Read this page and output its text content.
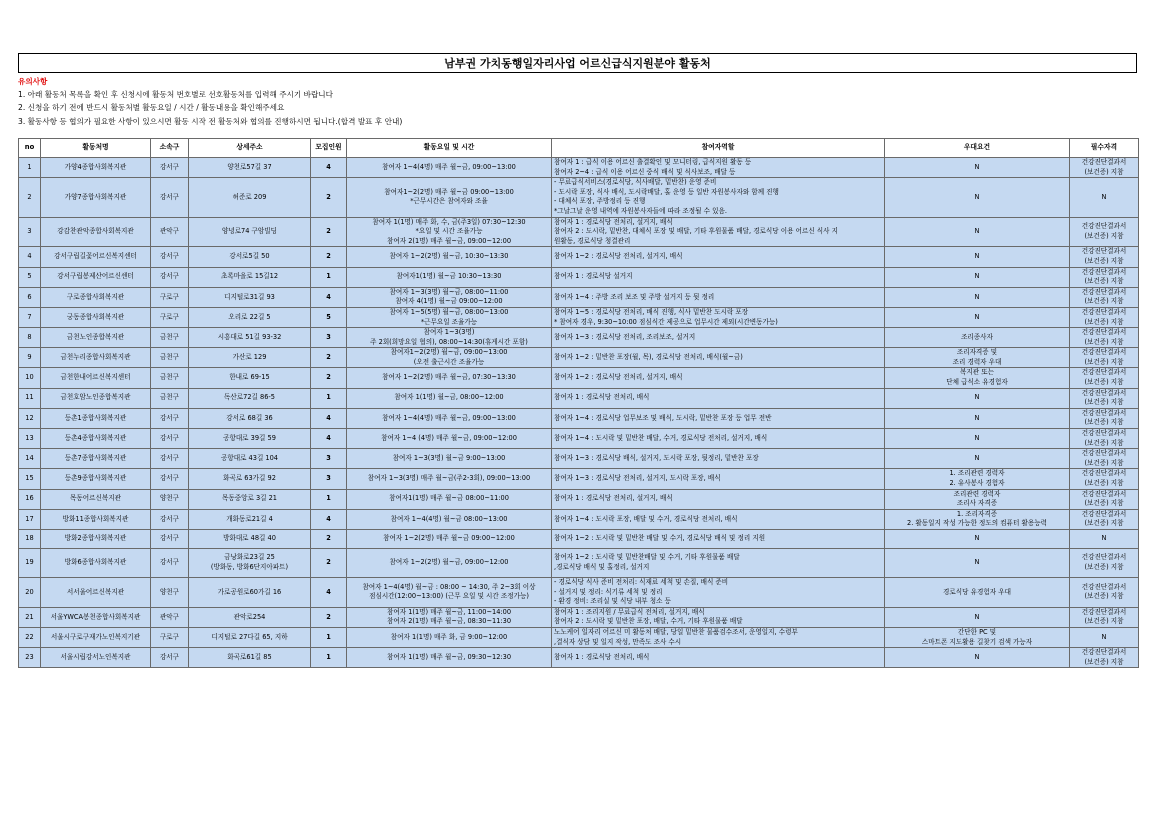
남부권 가치동행일자리사업 어르신급식지원분야 활동처
유의사항
1. 아래 활동처 목록을 확인 후 신청시에 활동처 번호별로 선호활동처를 입력해 주시기 바랍니다
2. 신청을 하기 전에 반드시 활동처별 활동요일 / 시간 / 활동내용을 확인해주세요
3. 활동사항 등 협의가 필요한 사항이 있으시면 활동 시작 전 활동처와 협의를 진행하시면 됩니다.(합격 발표 후 안내)
no	활동처명	소속구	상세주소	모집인원	활동요일 및 시간	참여자역할	우대요건	필수자격
1	가양4종합사회복지관	강서구	양천로57길 37	4	참여자 1~4(4명) 매주 월~금, 09:00~13:00	참여자 1 : 급식 이용 어르신 출결확인 및 모니터링, 급식지원 활동 등
참여자 2~4 : 급식 이용 어르신 중식 배식 및 식사보조, 배달 등	N	건강진단결과서
(보건증) 지참

2	가양7종합사회복지관	강서구	허준로 209	2	참여자1~2(2명) 매주 월~금 09:00~13:00
*근무시간은 참여자와 조율	- 무료급식서비스(경로식당, 식사배달, 밑반찬) 운영 준비
- 도시락 포장, 식사 배식, 도시락배달, 홀 운영 등 일반 자원봉사자와 함께 진행
- 대체식 포장, 주방정리 등 진행
*그날그날 운영 내역에 자원봉사자들에 따라 조정될 수 있음.	N	N

3	강감찬관악종합사회복지관	관악구	양녕로74 구암빌딩	2	참여자 1(1명) 매주 화, 수, 금(주3일) 07:30~12:30
*요일 및 시간 조율가능
참여자 2(1명) 매주 월~금, 09:00~12:00	참여자 1 : 경로식당 전처리, 설거지, 배식
참여자 2 : 도시락, 밑반찬, 대체식 포장 및 배달, 기타 후원물품 배달, 경로식당 이용 어르신 식사 지
원활동, 경로식당 청결관리	N	건강진단결과서
(보건증) 지참

4	강서구립길꽃어르신복지센터	강서구	강서로5길 50	2	참여자 1~2(2명) 월~금, 10:30~13:30	참여자 1~2 : 경로식당 전처리, 설거지, 배식	N	건강진단결과서
(보건증) 지참

5	강서구립봉제산어르신센터	강서구	초록마을로 15길12	1	참여자1(1명) 월~금 10:30~13:30	참여자 1 : 경로식당 설거지	N	건강진단결과서
(보건증) 지참

6	구로종합사회복지관	구로구	디지털로31길 93	4	참여자 1~3(3명) 월~금, 08:00~11:00
참여자 4(1명) 월~금 09:00~12:00	참여자 1~4 : 주방 조리 보조 및 주방 설거지 등 뒷 정리	N	건강진단결과서
(보건증) 지참

7	궁동종합사회복지관	구로구	오리로 22길 5	5	참여자 1~5(5명) 월~금, 08:00~13:00
*근무요일 조율가능	참여자 1~5 : 경로식당 전처리, 배식 진행, 식사 밑반찬 도시락 포장
* 참여자 경우, 9:30~10:00 점심식간 제공으로 업무시간 제외(시간변동가능)	N	건강진단결과서
(보건증) 지참

8	금천노인종합복지관	금천구	시흥대로 51길 93-32	3	참여자 1~3(3명)
주 2회(희망요일 협의), 08:00~14:30(휴게시간 포함)	참여자 1~3 : 경로식당 전처리, 조리보조, 설거지	조리종사자	건강진단결과서
(보건증) 지참

9	금천누리종합사회복지관	금천구	가산로 129	2	참여자1~2(2명) 월~금, 09:00~13:00
(오전 출근시간 조율가능	참여자 1~2 : 밑반찬 포장(월, 목), 경로식당 전처리, 배식(월~금)	조리자격증 및
조리 경력자 우대	건강진단결과서
(보건증) 지참

10	금천한내어르신복지센터	금천구	한내로 69-15	2	참여자 1~2(2명) 매주 월~금, 07:30~13:30	참여자 1~2 : 경로식당 전처리, 설거지, 배식	복지관 또는
단체 급식소 유경험자	건강진단결과서
(보건증) 지참

11	금천호암노인종합복지관	금천구	독산로72길 86-5	1	참여자 1(1명) 월~금, 08:00~12:00	참여자 1 : 경로식당 전처리, 배식	N	건강진단결과서
(보건증) 지참

12	등촌1종합사회복지관	강서구	강서로 68길 36	4	참여자 1~4(4명) 매주 월~금, 09:00~13:00	참여자 1~4 : 경로식당 업무보조 및 배식, 도시락, 밑반찬 포장 등 업무 전반	N	건강진단결과서
(보건증) 지참

13	등촌4종합사회복지관	강서구	공항대로 39길 59	4	참여자 1~4 (4명) 매주 월~금, 09:00~12:00	참여자 1~4 : 도시락 및 밑반찬 배달, 수거, 경로식당 전처리, 설거지, 배식	N	건강진단결과서
(보건증) 지참

14	등촌7종합사회복지관	강서구	공항대로 43길 104	3	참여자 1~3(3명) 월~금 9:00~13:00	참여자 1~3 : 경로식당 배식, 설거지, 도시락 포장, 뒷정리, 밑반찬 포장	N	건강진단결과서
(보건증) 지참

15	등촌9종합사회복지관	강서구	화곡로 63가길 92	3	참여자 1~3(3명) 매주 월~금(주2-3회), 09:00~13:00	참여자 1~3 : 경로식당 전처리, 설거지, 도시락 포장, 배식	1. 조리관련 경력자
2. 유사봉사 경험자	건강진단결과서
(보건증) 지참

16	목동어르신복지관	양천구	목동중앙로 3길 21	1	참여자1(1명) 매주 월~금 08:00~11:00	참여자 1 : 경로식당 전처리, 설거지, 배식	조리관련 경력자
조리사 자격증	건강진단결과서
(보건증) 지참

17	방화11종합사회복지관	강서구	개화동로21길 4	4	참여자 1~4(4명) 월~금 08:00~13:00	참여자 1~4 : 도시락 포장, 배달 및 수거, 경로식당 전처리, 배식	1. 조리자격증
2. 활동일지 작성 가능한 정도의 컴퓨터 활용능력	건강진단결과서
(보건증) 지참

18	방화2종합사회복지관	강서구	방화대로 48길 40	2	참여자 1~2(2명) 매주 월~금 09:00~12:00	참여자 1~2 : 도시락 및 밑반찬 배달 및 수거, 경로식당 배식 및 정리 지원	N	N

19	방화6종합사회복지관	강서구	금낭화로23길 25
(방화동, 방화6단지아파트)	2	참여자 1~2(2명) 월~금, 09:00~12:00	참여자 1~2 : 도시락 및 밑반찬배달 및 수거, 기타 후원물품 배달
,경로식당 배식 및 홀정리, 설거지	N	건강진단결과서
(보건증) 지참

20	서서울어르신복지관	양천구	가로공원로60가길 16	4	참여자 1~4(4명) 월~금 : 08:00 ~ 14:30, 주 2~3회 이상
점심시간(12:00~13:00) (근무 요일 및 시간 조정가능)	- 경로식당 식사 준비 전처리: 식재료 세척 및 손질, 배식 준비
- 설거지 및 정리: 식기류 세척 및 정리
- 환경 정비: 조리실 및 식당 내부 청소 등	경로식당 유경험자 우대	건강진단결과서
(보건증) 지참

21	서울YWCA봉천종합사회복지관	관악구	관악로254	2	참여자 1(1명) 매주 월~금, 11:00~14:00
참여자 2(1명) 매주 월~금, 08:30~11:30	참여자 1 : 조리지원 / 무료급식 전처리, 설거지, 배식
참여자 2 : 도시락 및 밑반찬 포장, 배달, 수거, 기타 후원물품 배달	N	건강진단결과서
(보건증) 지참

22	서울시구로구재가노인복지기관	구로구	디지털로 27다길 65, 지하	1	참여자 1(1명) 매주 화, 금 9:00~12:00	노노케어 일자리 어르신 미 활동처 배달, 당일 밑반찬 물품검수조서, 운영일지, 수령부
,결식자 상담 및 일지 작성, 만족도 조사 수시	간단한 PC 및
스마트폰 지도활용 길찾기 검색 가능자	N

23	서울시립강서노인복지관	강서구	화곡로61길 85	1	참여자 1(1명) 매주 월~금, 09:30~12:30	참여자 1 : 경로식당 전처리, 배식	N	건강진단결과서
(보건증) 지참
